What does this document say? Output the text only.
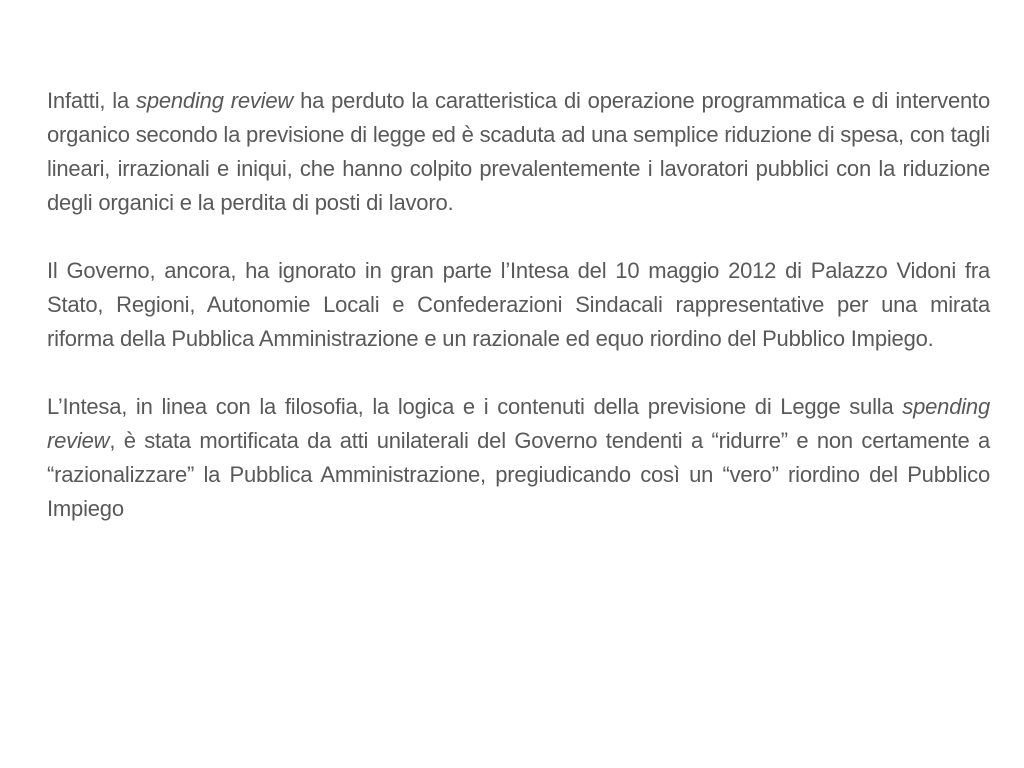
Infatti, la spending review ha perduto la caratteristica di operazione programmatica e di intervento organico secondo la previsione di legge ed è scaduta ad una semplice riduzione di spesa, con tagli lineari, irrazionali e iniqui, che hanno colpito prevalentemente i lavoratori pubblici con la riduzione degli organici e la perdita di posti di lavoro.

Il Governo, ancora, ha ignorato in gran parte l’Intesa del 10 maggio 2012 di Palazzo Vidoni fra Stato, Regioni, Autonomie Locali e Confederazioni Sindacali rappresentative per una mirata riforma della Pubblica Amministrazione e un razionale ed equo riordino del Pubblico Impiego.

L’Intesa, in linea con la filosofia, la logica e i contenuti della previsione di Legge sulla spending review, è stata mortificata da atti unilaterali del Governo tendenti a “ridurre” e non certamente a “razionalizzare” la Pubblica Amministrazione, pregiudicando così un “vero” riordino del Pubblico Impiego
